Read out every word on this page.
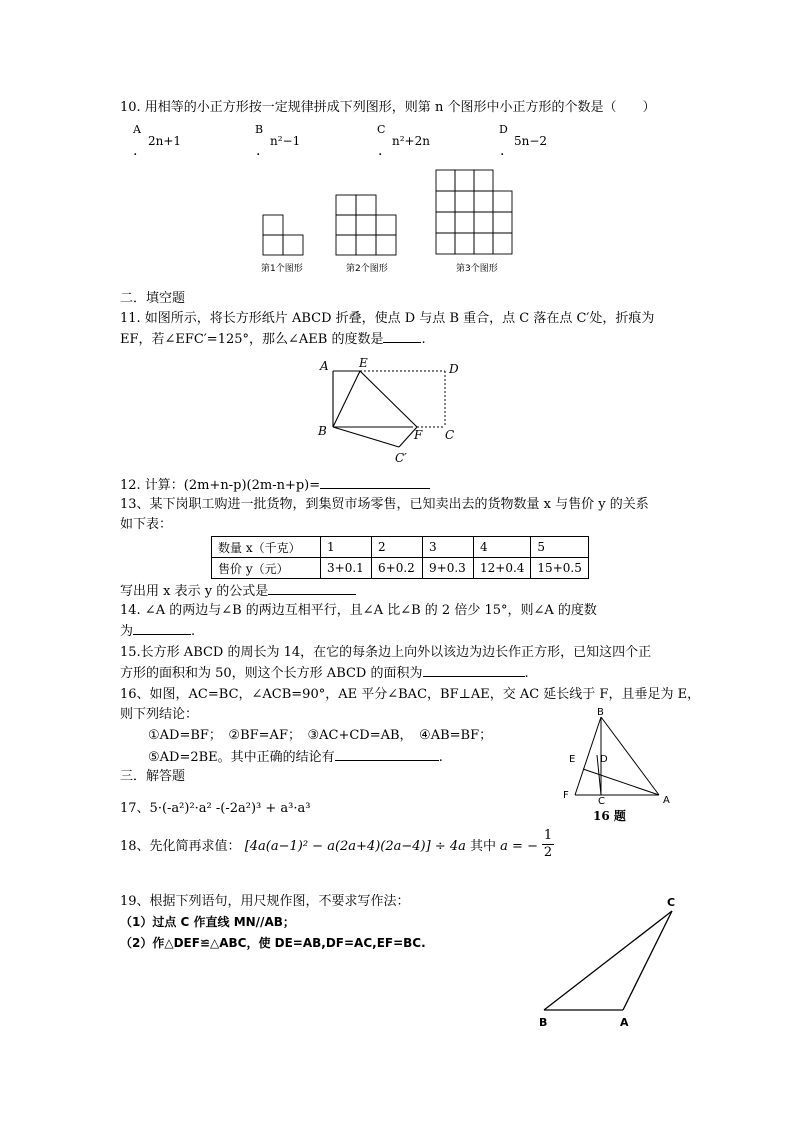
10. 用相等的小正方形按一定规律拼成下列图形，则第 n 个图形中小正方形的个数是（　　）
A
2n+1
.
B
n²−1
.
C
n²+2n
.
D
5n−2
.
第1个图形	第2个图形	第3个图形
二．填空题
11. 如图所示，将长方形纸片 ABCD 折叠，使点 D 与点 B 重合，点 C 落在点 C′处，折痕为
EF，若∠EFC′=125°，那么∠AEB 的度数是	.
A	E	D
B	F C
C′
12. 计算：(2m+n-p)(2m-n+p)=
13、某下岗职工购进一批货物，到集贸市场零售，已知卖出去的货物数量 x 与售价 y 的关系
如下表：
数量 x（千克）	1	2	3	4	5
售价 y（元）	3+0.1	6+0.2	9+0.3	12+0.4	15+0.5
写出用 x 表示 y 的公式是
14. ∠A 的两边与∠B 的两边互相平行，且∠A 比∠B 的 2 倍少 15°，则∠A 的度数
为	.
15.长方形 ABCD 的周长为 14，在它的每条边上向外以该边为边长作正方形，已知这四个正
方形的面积和为 50，则这个长方形 ABCD 的面积为	.
16、如图，AC=BC，∠ACB=90°，AE 平分∠BAC，BF⊥AE，交 AC 延长线于 F，且垂足为 E，
则下列结论：
①AD=BF；　②BF=AF；　③AC+CD=AB，　④AB=BF；
⑤AD=2BE。其中正确的结论有	.
B
E D
F
C	A
16 题
三．解答题
17、5·(-a²)²·a² -(-2a²)³ + a³·a³
18、先化简再求值： [4a(a−1)² − a(2a+4)(2a−4)] ÷ 4a 其中 a = −
1
2
19、根据下列语句，用尺规作图，不要求写作法：
（1）过点 C 作直线 MN//AB；
（2）作△DEF≌△ABC，使 DE=AB,DF=AC,EF=BC.
C
B	A
